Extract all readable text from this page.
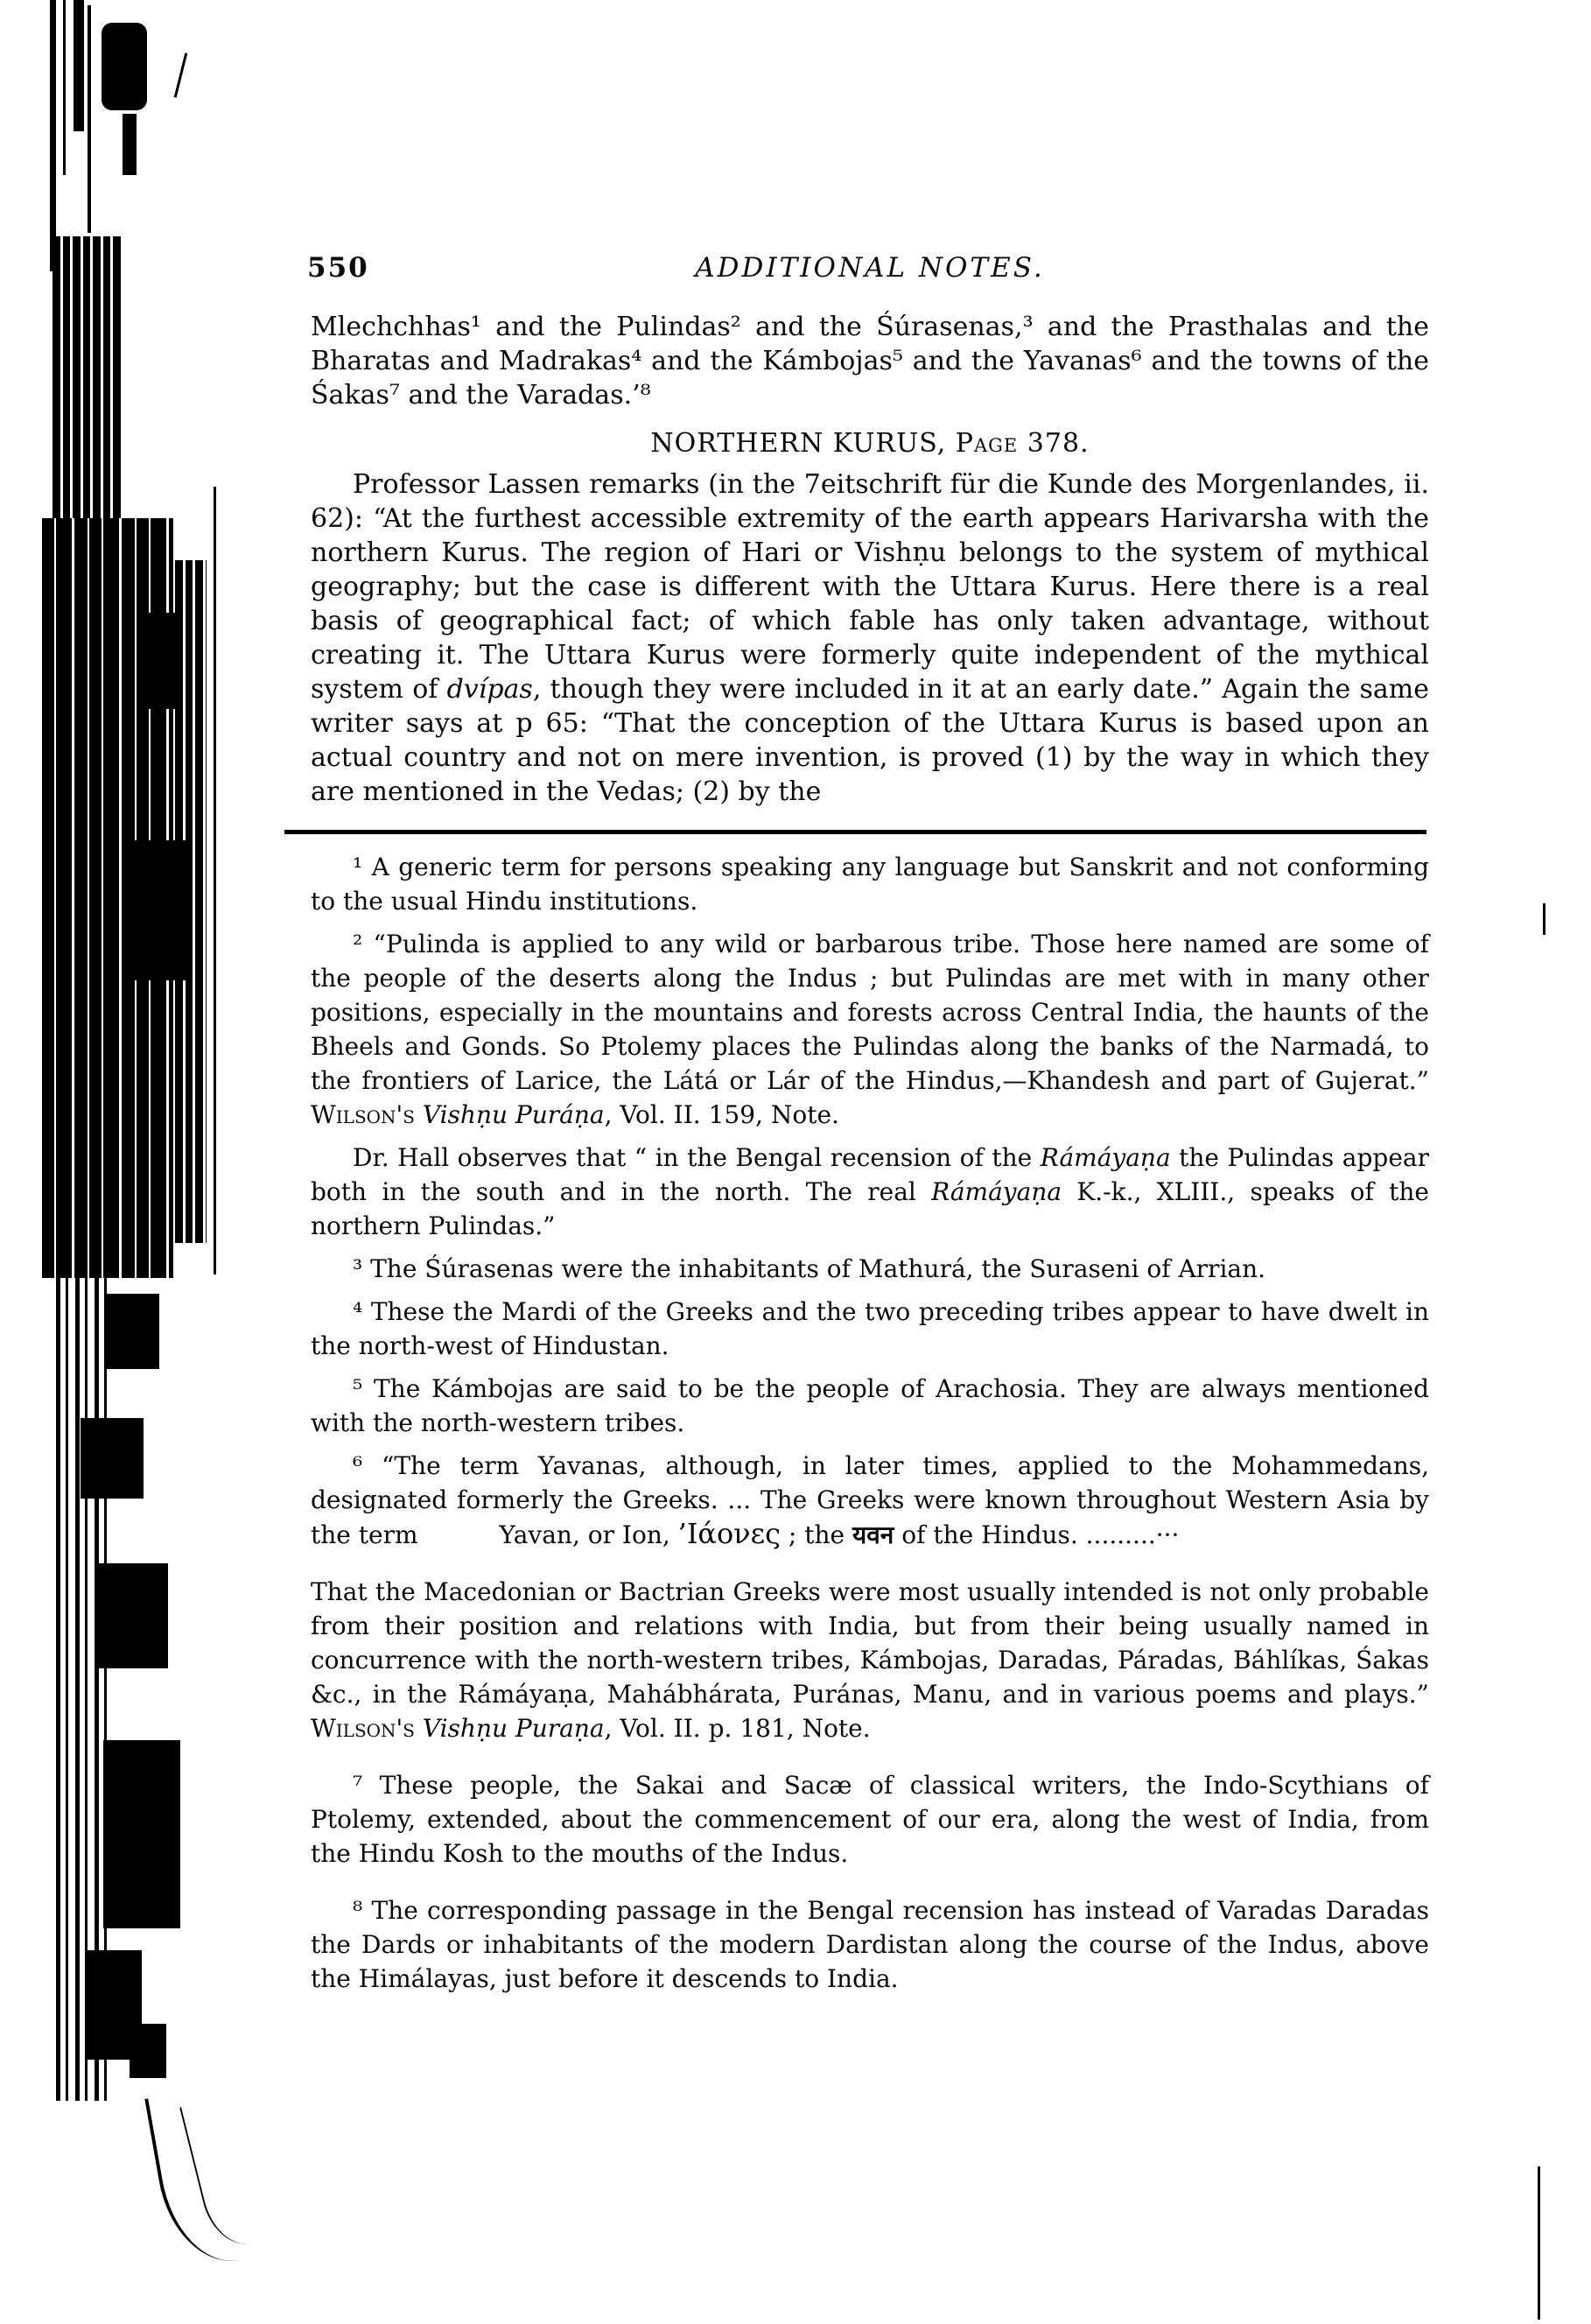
550	ADDITIONAL NOTES.

Mlechchhas¹ and the Pulindas² and the Śúrasenas,³ and the Prasthalas and the Bharatas and Madrakas⁴ and the Kámbojas⁵ and the Yavanas⁶ and the towns of the Śakas⁷ and the Varadas.’⁸

NORTHERN KURUS, Page 378.

Professor Lassen remarks (in the 7eitschrift für die Kunde des Morgenlandes, ii. 62): “At the furthest accessible extremity of the earth appears Harivarsha with the northern Kurus. The region of Hari or Vishṇu belongs to the system of mythical geography; but the case is different with the Uttara Kurus. Here there is a real basis of geographical fact; of which fable has only taken advantage, without creating it. The Uttara Kurus were formerly quite independent of the mythical system of dvípas, though they were included in it at an early date.” Again the same writer says at p 65: “That the conception of the Uttara Kurus is based upon an actual country and not on mere invention, is proved (1) by the way in which they are mentioned in the Vedas; (2) by the

¹ A generic term for persons speaking any language but Sanskrit and not conforming to the usual Hindu institutions.

² “Pulinda is applied to any wild or barbarous tribe. Those here named are some of the people of the deserts along the Indus ; but Pulindas are met with in many other positions, especially in the mountains and forests across Central India, the haunts of the Bheels and Gonds. So Ptolemy places the Pulindas along the banks of the Narmadá, to the frontiers of Larice, the Látá or Lár of the Hindus,—Khandesh and part of Gujerat.” Wilson's Vishṇu Puráṇa, Vol. II. 159, Note.

Dr. Hall observes that “ in the Bengal recension of the Rámáyaṇa the Pulindas appear both in the south and in the north. The real Rámáyaṇa K.-k., XLIII., speaks of the northern Pulindas.”

³ The Śúrasenas were the inhabitants of Mathurá, the Suraseni of Arrian.

⁴ These the Mardi of the Greeks and the two preceding tribes appear to have dwelt in the north-west of Hindustan.

⁵ The Kámbojas are said to be the people of Arachosia. They are always mentioned with the north-western tribes.

⁶ “The term Yavanas, although, in later times, applied to the Mohammedans, designated formerly the Greeks. ... The Greeks were known throughout Western Asia by the term    Yavan, or Ion, ’Ιάονες ; the यवन of the Hindus. .........···

That the Macedonian or Bactrian Greeks were most usually intended is not only probable from their position and relations with India, but from their being usually named in concurrence with the north-western tribes, Kámbojas, Daradas, Páradas, Báhlíkas, Śakas &c., in the Rámáyaṇa, Mahábhárata, Puránas, Manu, and in various poems and plays.” Wilson's Vishṇu Puraṇa, Vol. II. p. 181, Note.

⁷ These people, the Sakai and Sacæ of classical writers, the Indo-Scythians of Ptolemy, extended, about the commencement of our era, along the west of India, from the Hindu Kosh to the mouths of the Indus.

⁸ The corresponding passage in the Bengal recension has instead of Varadas Daradas the Dards or inhabitants of the modern Dardistan along the course of the Indus, above the Himálayas, just before it descends to India.
